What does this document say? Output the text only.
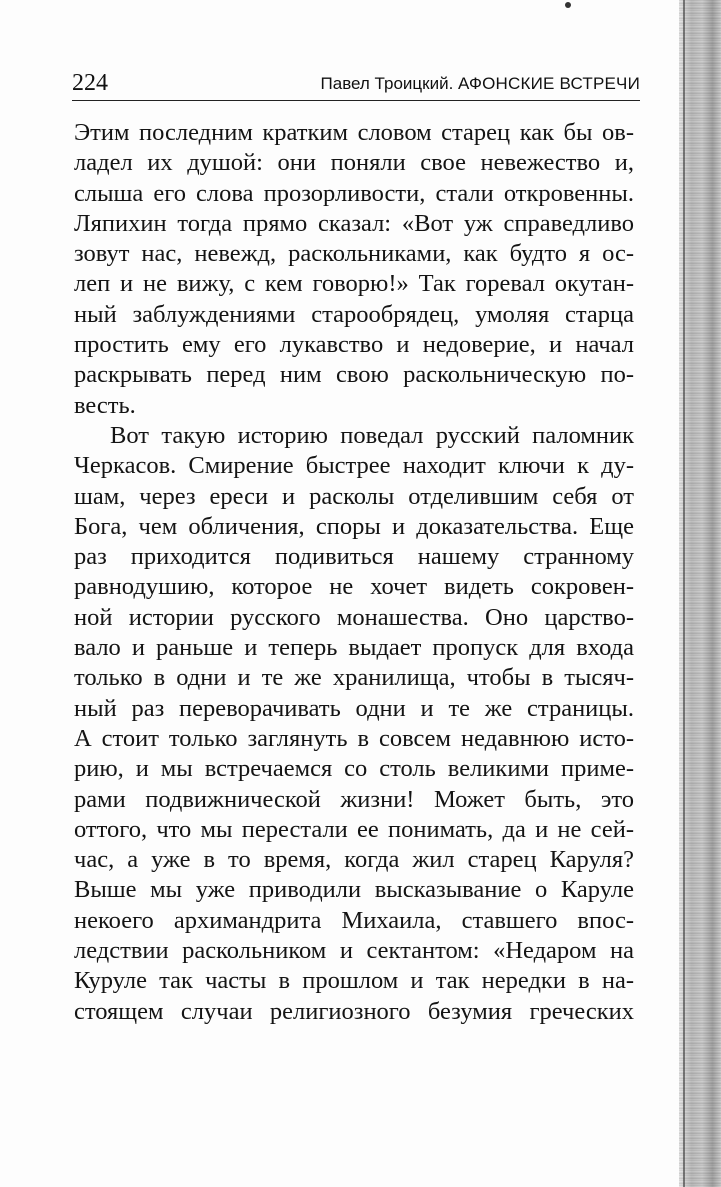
224	Павел Троицкий. АФОНСКИЕ ВСТРЕЧИ
Этим последним кратким словом старец как бы ов-
ладел их душой: они поняли свое невежество и,
слыша его слова прозорливости, стали откровенны.
Ляпихин тогда прямо сказал: «Вот уж справедливо
зовут нас, невежд, раскольниками, как будто я ос-
леп и не вижу, с кем говорю!» Так горевал окутан-
ный заблуждениями старообрядец, умоляя старца
простить ему его лукавство и недоверие, и начал
раскрывать перед ним свою раскольническую по-
весть.
Вот такую историю поведал русский паломник
Черкасов. Смирение быстрее находит ключи к ду-
шам, через ереси и расколы отделившим себя от
Бога, чем обличения, споры и доказательства. Еще
раз приходится подивиться нашему странному
равнодушию, которое не хочет видеть сокровен-
ной истории русского монашества. Оно царство-
вало и раньше и теперь выдает пропуск для входа
только в одни и те же хранилища, чтобы в тысяч-
ный раз переворачивать одни и те же страницы.
А стоит только заглянуть в совсем недавнюю исто-
рию, и мы встречаемся со столь великими приме-
рами подвижнической жизни! Может быть, это
оттого, что мы перестали ее понимать, да и не сей-
час, а уже в то время, когда жил старец Каруля?
Выше мы уже приводили высказывание о Каруле
некоего архимандрита Михаила, ставшего впос-
ледствии раскольником и сектантом: «Недаром на
Куруле так часты в прошлом и так нередки в на-
стоящем случаи религиозного безумия греческих
